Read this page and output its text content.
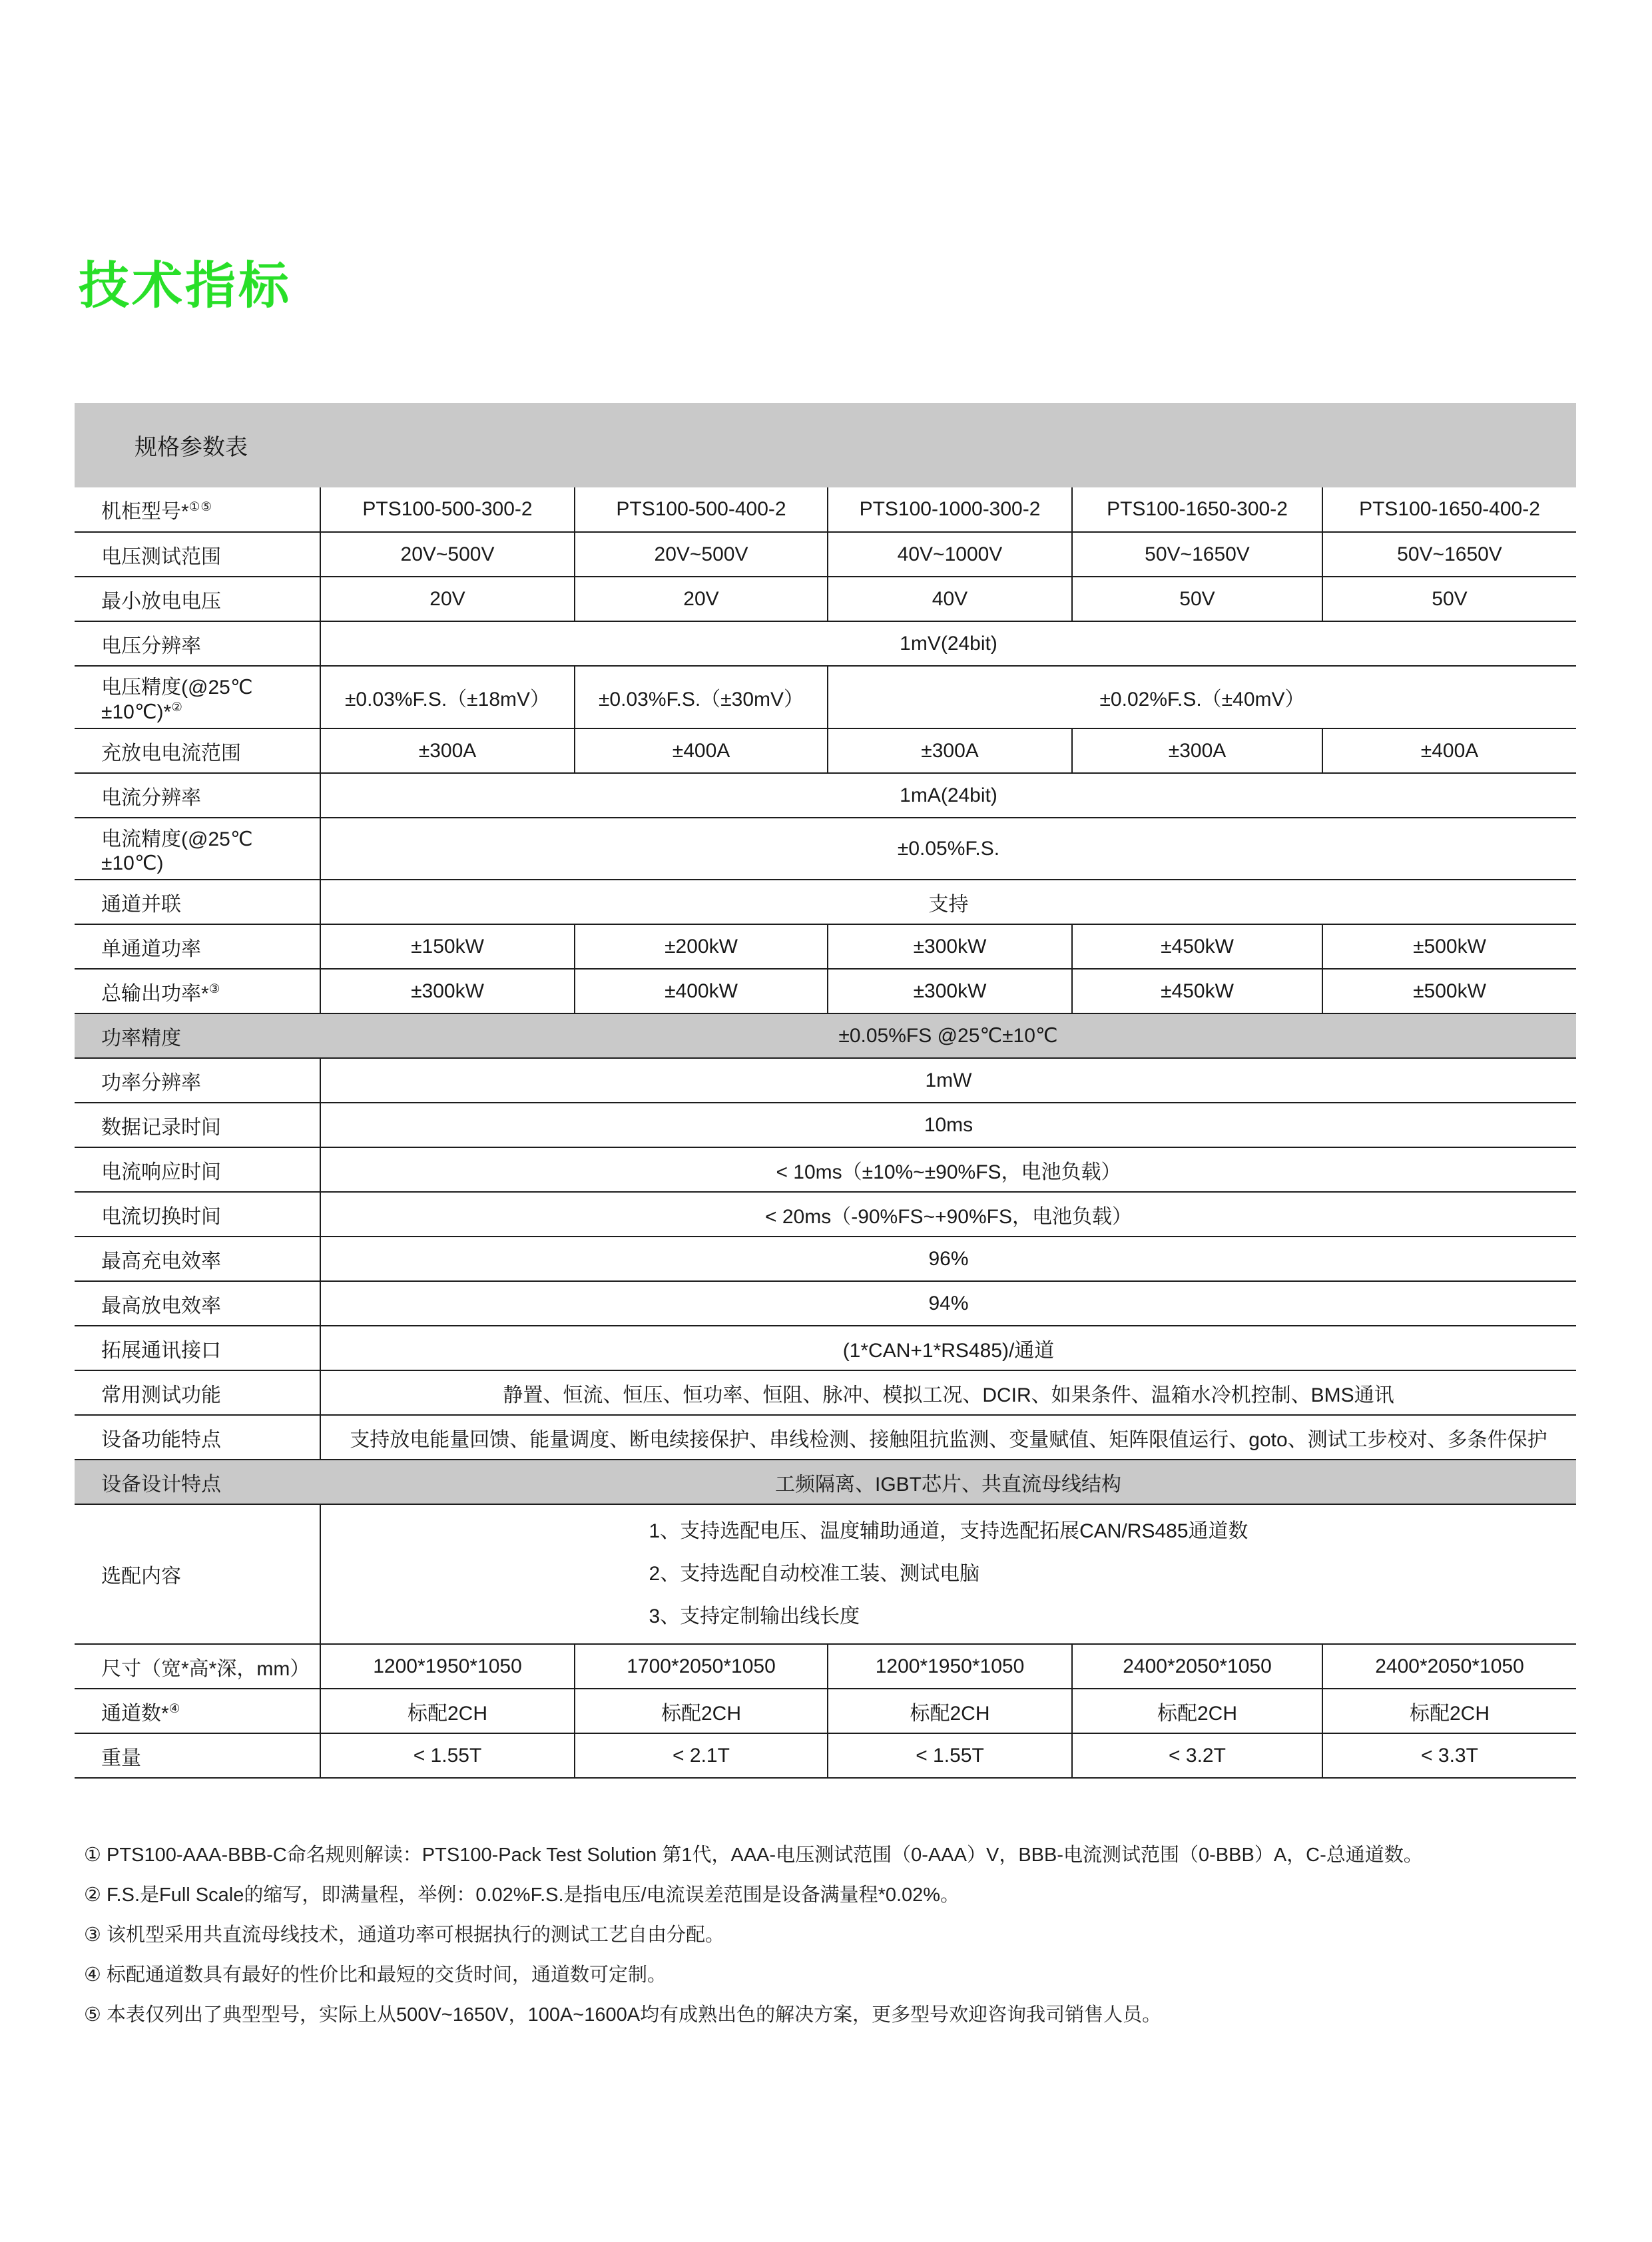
技术指标
规格参数表
机柜型号*①⑤	PTS100-500-300-2	PTS100-500-400-2	PTS100-1000-300-2	PTS100-1650-300-2	PTS100-1650-400-2
电压测试范围	20V~500V	20V~500V	40V~1000V	50V~1650V	50V~1650V
最小放电电压	20V	20V	40V	50V	50V
电压分辨率	1mV(24bit)				
电压精度(@25℃±10℃)*②	±0.03%F.S.（±18mV）	±0.03%F.S.（±30mV）	±0.02%F.S.（±40mV）		
充放电电流范围	±300A	±400A	±300A	±300A	±400A
电流分辨率	1mA(24bit)				
电流精度(@25℃±10℃)	±0.05%F.S.				
通道并联	支持				
单通道功率	±150kW	±200kW	±300kW	±450kW	±500kW
总输出功率*③	±300kW	±400kW	±300kW	±450kW	±500kW
功率精度	±0.05%FS @25℃±10℃				
功率分辨率	1mW				
数据记录时间	10ms				
电流响应时间	< 10ms（±10%~±90%FS，电池负载）				
电流切换时间	< 20ms（-90%FS~+90%FS，电池负载）				
最高充电效率	96%				
最高放电效率	94%				
拓展通讯接口	(1*CAN+1*RS485)/通道				
常用测试功能	静置、恒流、恒压、恒功率、恒阻、脉冲、模拟工况、DCIR、如果条件、温箱水冷机控制、BMS通讯				
设备功能特点	支持放电能量回馈、能量调度、断电续接保护、串线检测、接触阻抗监测、变量赋值、矩阵限值运行、goto、测试工步校对、多条件保护				
设备设计特点	工频隔离、IGBT芯片、共直流母线结构				
选配内容	1、支持选配电压、温度辅助通道，支持选配拓展CAN/RS485通道数
2、支持选配自动校准工装、测试电脑
3、支持定制输出线长度				

尺寸（宽*高*深，mm）	1200*1950*1050	1700*2050*1050	1200*1950*1050	2400*2050*1050	2400*2050*1050
通道数*④	标配2CH	标配2CH	标配2CH	标配2CH	标配2CH
重量	< 1.55T	< 2.1T	< 1.55T	< 3.2T	< 3.3T

① PTS100-AAA-BBB-C命名规则解读：PTS100-Pack Test Solution 第1代，AAA-电压测试范围（0-AAA）V，BBB-电流测试范围（0-BBB）A，C-总通道数。

② F.S.是Full Scale的缩写，即满量程，举例：0.02%F.S.是指电压/电流误差范围是设备满量程*0.02%。

③ 该机型采用共直流母线技术，通道功率可根据执行的测试工艺自由分配。

④ 标配通道数具有最好的性价比和最短的交货时间，通道数可定制。

⑤ 本表仅列出了典型型号，实际上从500V~1650V，100A~1600A均有成熟出色的解决方案，更多型号欢迎咨询我司销售人员。
